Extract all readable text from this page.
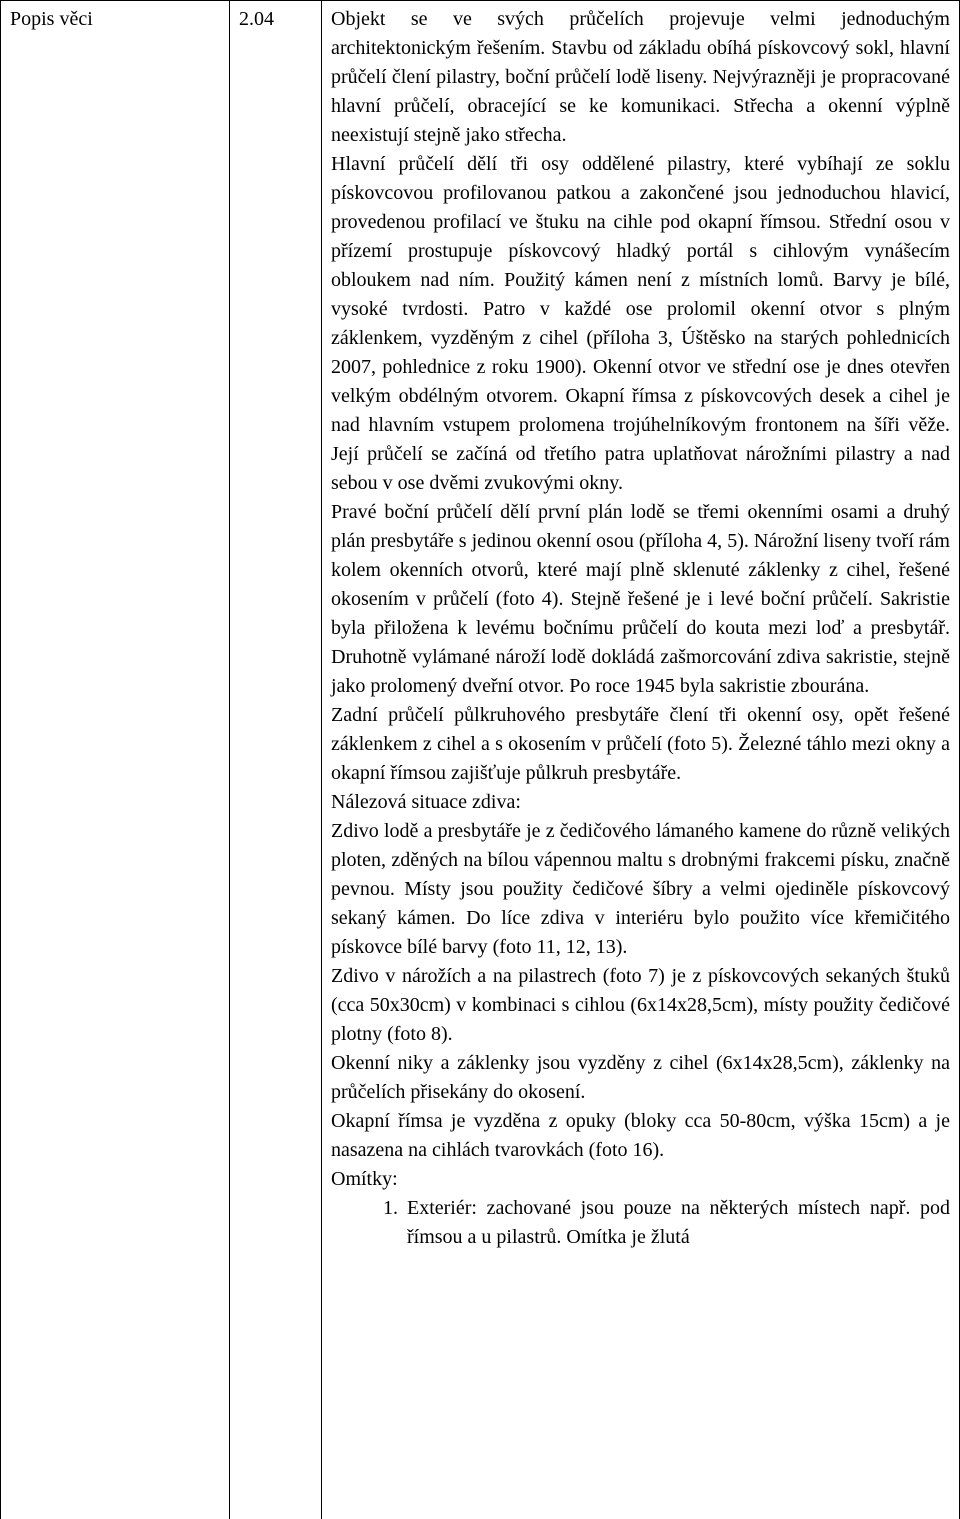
Popis věci	2.04	Objekt se ve svých průčelích projevuje velmi jednoduchým architektonickým řešením. Stavbu od základu obíhá pískovcový sokl, hlavní průčelí člení pilastry, boční průčelí lodě liseny. Nejvýrazněji je propracované hlavní průčelí, obracející se ke komunikaci. Střecha a okenní výplně neexistují stejně jako střecha.

Hlavní průčelí dělí tři osy oddělené pilastry, které vybíhají ze soklu pískovcovou profilovanou patkou a zakončené jsou jednoduchou hlavicí, provedenou profilací ve štuku na cihle pod okapní římsou. Střední osou v přízemí prostupuje pískovcový hladký portál s cihlovým vynášecím obloukem nad ním. Použitý kámen není z místních lomů. Barvy je bílé, vysoké tvrdosti. Patro v každé ose prolomil okenní otvor s plným záklenkem, vyzděným z cihel (příloha 3, Úštěsko na starých pohlednicích 2007, pohlednice z roku 1900). Okenní otvor ve střední ose je dnes otevřen velkým obdélným otvorem. Okapní římsa z pískovcových desek a cihel je nad hlavním vstupem prolomena trojúhelníkovým frontonem na šíři věže. Její průčelí se začíná od třetího patra uplatňovat nárožními pilastry a nad sebou v ose dvěmi zvukovými okny.

Pravé boční průčelí dělí první plán lodě se třemi okenními osami a druhý plán presbytáře s jedinou okenní osou (příloha 4, 5). Nárožní liseny tvoří rám kolem okenních otvorů, které mají plně sklenuté záklenky z cihel, řešené okosením v průčelí (foto 4). Stejně řešené je i levé boční průčelí. Sakristie byla přiložena k levému bočnímu průčelí do kouta mezi loď a presbytář. Druhotně vylámané nároží lodě dokládá zašmorcování zdiva sakristie, stejně jako prolomený dveřní otvor. Po roce 1945 byla sakristie zbourána.

Zadní průčelí půlkruhového presbytáře člení tři okenní osy, opět řešené záklenkem z cihel a s okosením v průčelí (foto 5). Železné táhlo mezi okny a okapní římsou zajišťuje půlkruh presbytáře.

Nálezová situace zdiva:

Zdivo lodě a presbytáře je z čedičového lámaného kamene do různě velikých ploten, zděných na bílou vápennou maltu s drobnými frakcemi písku, značně pevnou. Místy jsou použity čedičové šíbry a velmi ojediněle pískovcový sekaný kámen. Do líce zdiva v interiéru bylo použito více křemičitého pískovce bílé barvy (foto 11, 12, 13).

Zdivo v nárožích a na pilastrech (foto 7) je z pískovcových sekaných štuků (cca 50x30cm) v kombinaci s cihlou (6x14x28,5cm), místy použity čedičové plotny (foto 8).

Okenní niky a záklenky jsou vyzděny z cihel (6x14x28,5cm), záklenky na průčelích přisekány do okosení.

Okapní římsa je vyzděna z opuky (bloky cca 50-80cm, výška 15cm) a je nasazena na cihlách tvarovkách (foto 16).

Omítky:

1. Exteriér: zachované jsou pouze na některých místech např. pod římsou a u pilastrů. Omítka je žlutá
